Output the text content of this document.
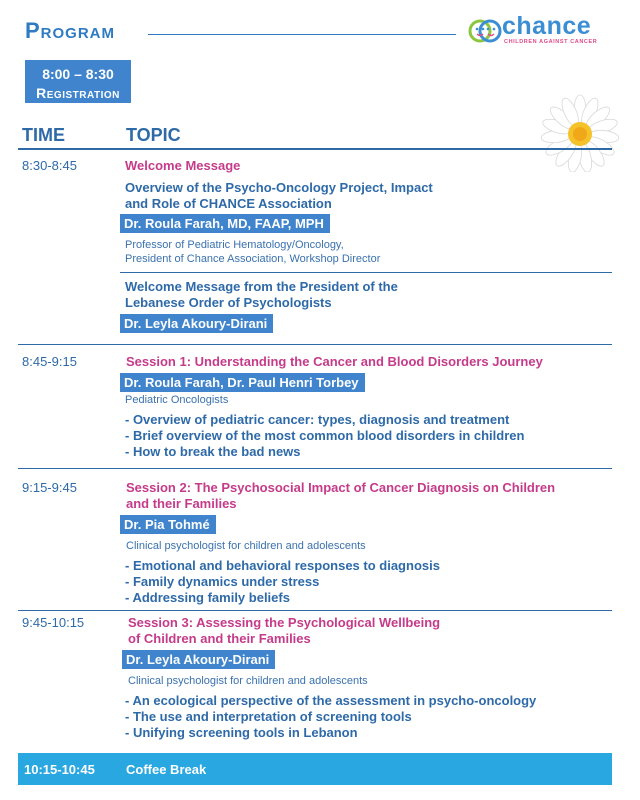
Program	chance
CHILDREN AGAINST CANCER
8:00 – 8:30
Registration
TIME	TOPIC
8:30-8:45	Welcome Message
Overview of the Psycho-Oncology Project, Impact
and Role of CHANCE Association
Dr. Roula Farah, MD, FAAP, MPH
Professor of Pediatric Hematology/Oncology,
President of Chance Association, Workshop Director
Welcome Message from the President of the
Lebanese Order of Psychologists
Dr. Leyla Akoury-Dirani
8:45-9:15	Session 1: Understanding the Cancer and Blood Disorders Journey
Dr. Roula Farah, Dr. Paul Henri Torbey
Pediatric Oncologists
- Overview of pediatric cancer: types, diagnosis and treatment
- Brief overview of the most common blood disorders in children
- How to break the bad news
9:15-9:45	Session 2: The Psychosocial Impact of Cancer Diagnosis on Children
and their Families
Dr. Pia Tohmé
Clinical psychologist for children and adolescents
- Emotional and behavioral responses to diagnosis
- Family dynamics under stress
- Addressing family beliefs
9:45-10:15	Session 3: Assessing the Psychological Wellbeing
of Children and their Families
Dr. Leyla Akoury-Dirani
Clinical psychologist for children and adolescents
- An ecological perspective of the assessment in psycho-oncology
- The use and interpretation of screening tools
- Unifying screening tools in Lebanon
10:15-10:45 Coffee Break
